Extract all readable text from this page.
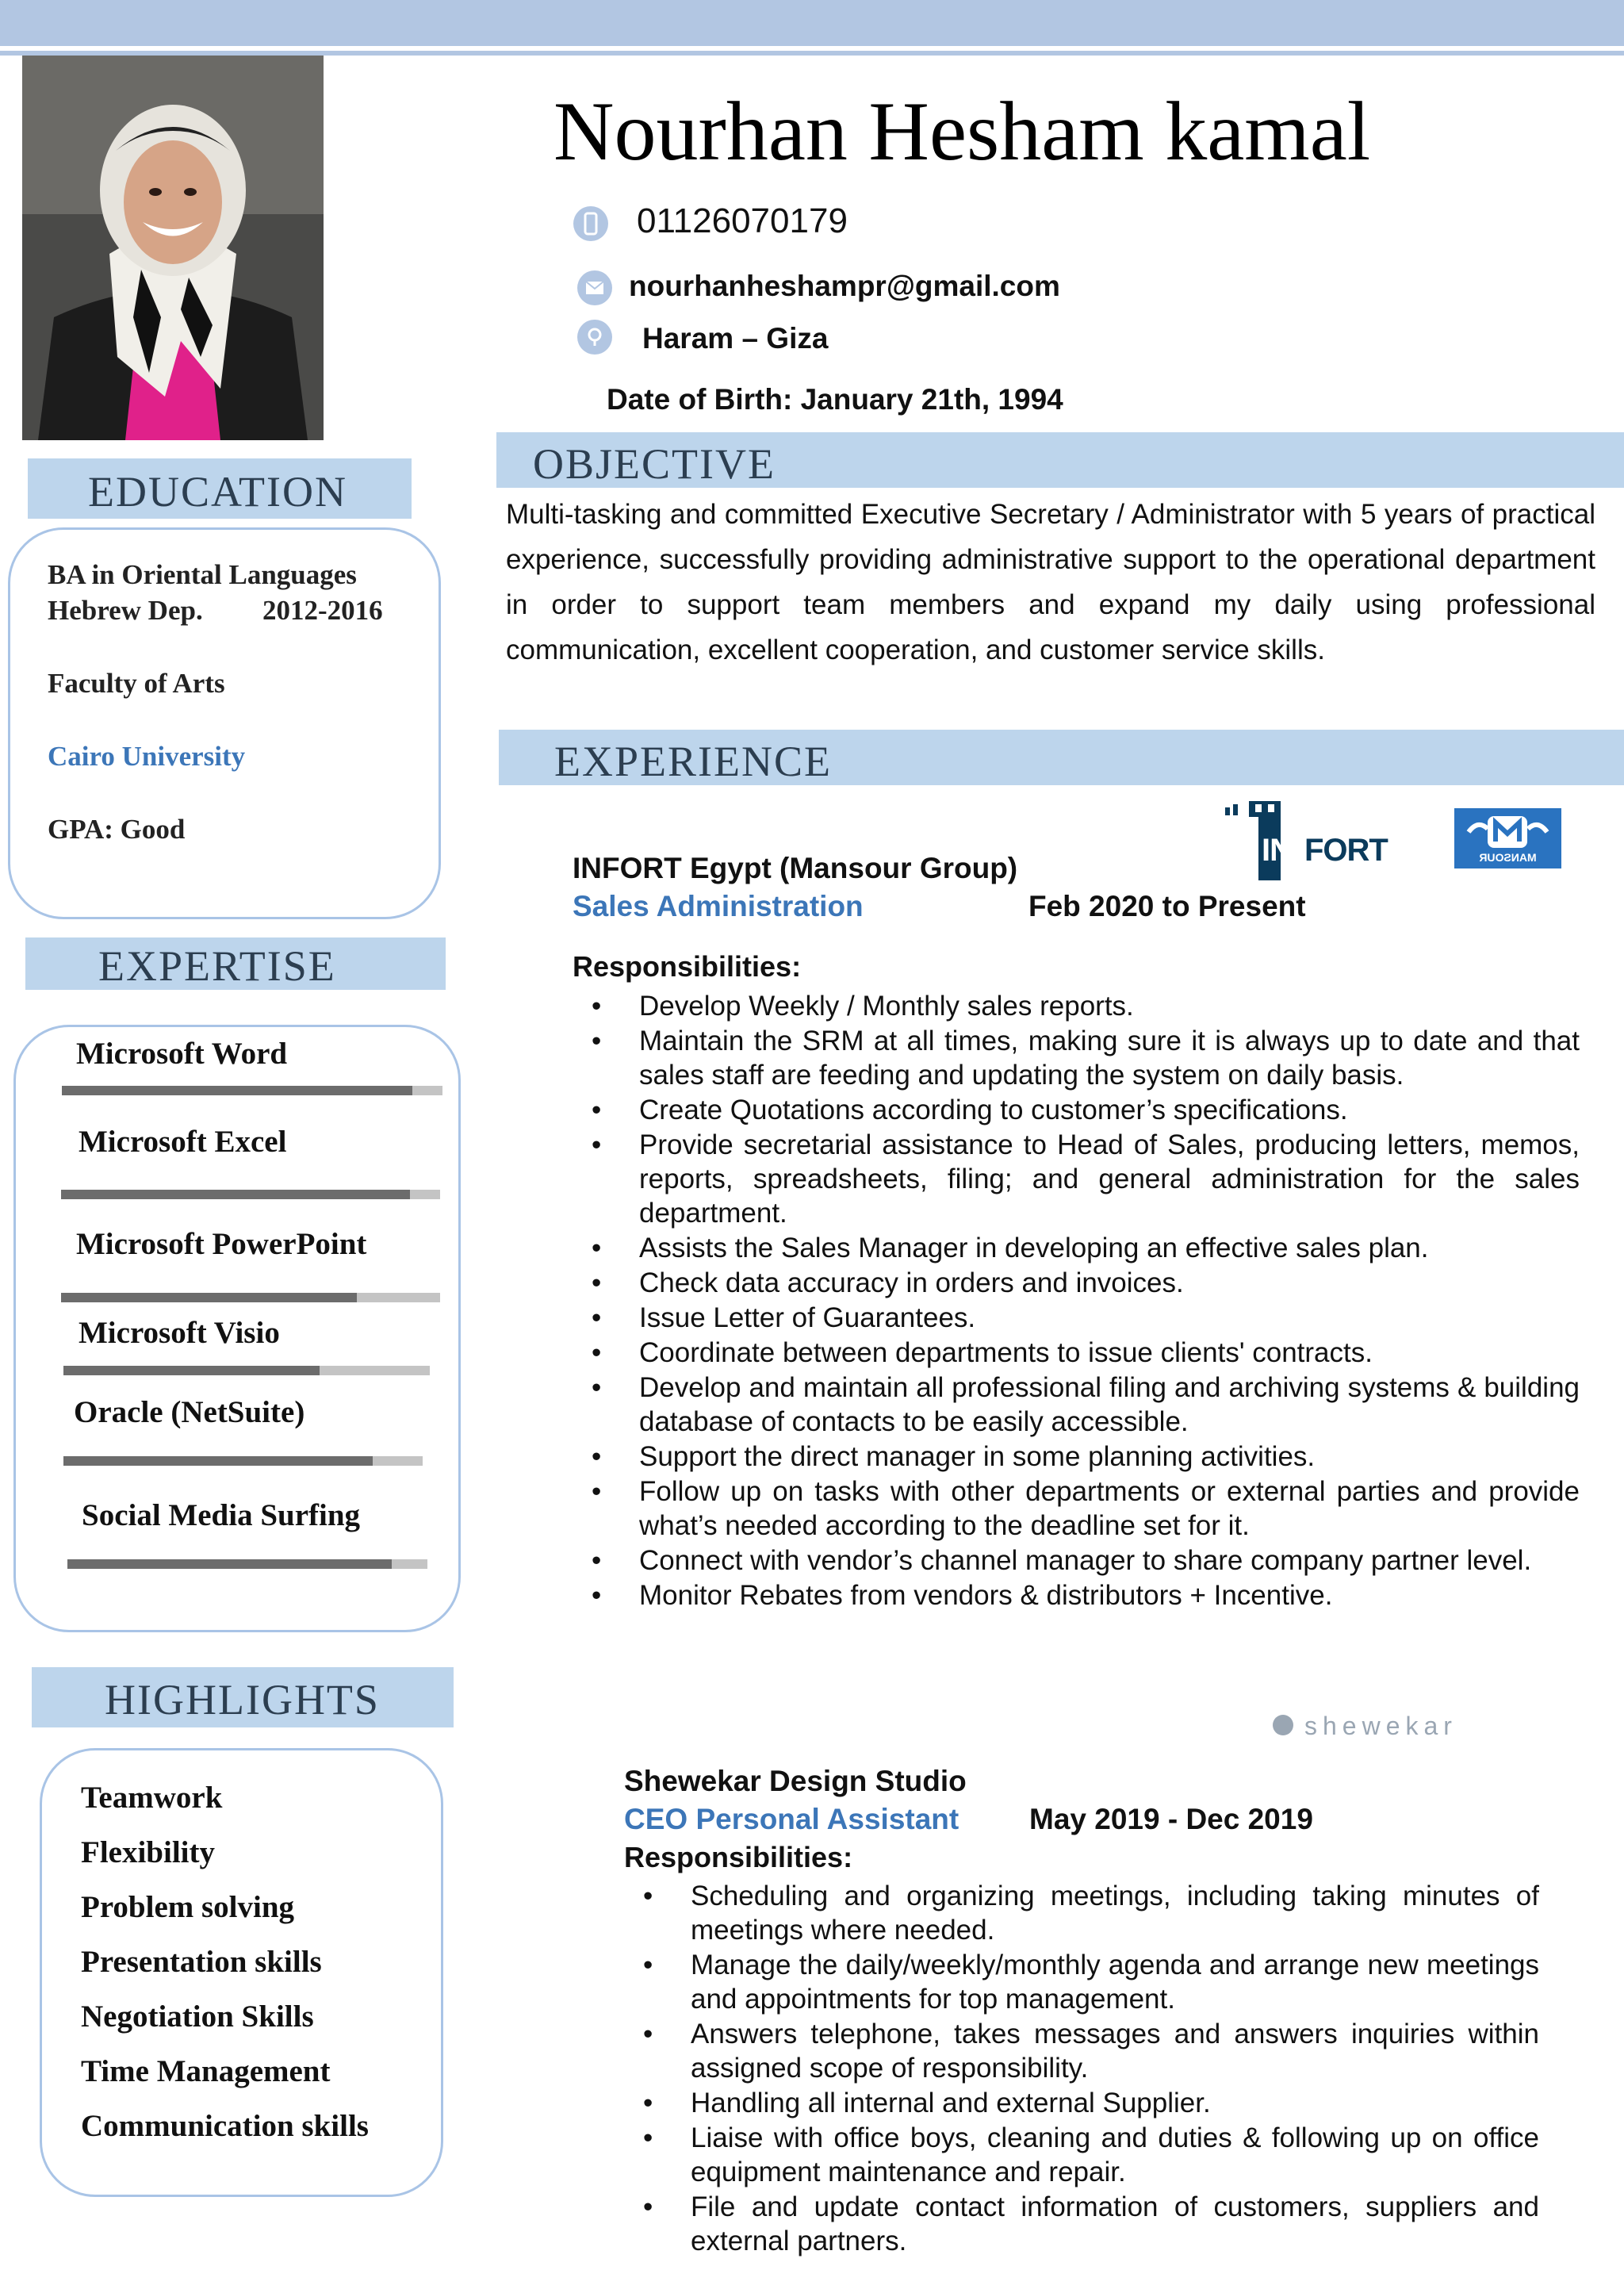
Nourhan Hesham kamal
01126070179
nourhanheshampr@gmail.com
Haram – Giza
Date of Birth: January 21th, 1994
EDUCATION
BA in Oriental Languages
Hebrew Dep. 2012-2016
Faculty of Arts
Cairo University
GPA: Good
EXPERTISE
Microsoft Word
Microsoft Excel
Microsoft PowerPoint
Microsoft Visio
Oracle (NetSuite)
Social Media Surfing
HIGHLIGHTS
Teamwork
Flexibility
Problem solving
Presentation skills
Negotiation Skills
Time Management
Communication skills
OBJECTIVE
Multi-tasking and committed Executive Secretary / Administrator with 5 years of practical experience, successfully providing administrative support to the operational department in order to support team members and expand my daily using professional communication, excellent cooperation, and customer service skills.
EXPERIENCE
IN FORT	MANSOUR
INFORT Egypt (Mansour Group)
Sales Administration	Feb 2020 to Present
Responsibilities:
• Develop Weekly / Monthly sales reports.
• Maintain the SRM at all times, making sure it is always up to date and that sales staff are feeding and updating the system on daily basis.
• Create Quotations according to customer’s specifications.
• Provide secretarial assistance to Head of Sales, producing letters, memos, reports, spreadsheets, filing; and general administration for the sales department.
• Assists the Sales Manager in developing an effective sales plan.
• Check data accuracy in orders and invoices.
• Issue Letter of Guarantees.
• Coordinate between departments to issue clients' contracts.
• Develop and maintain all professional filing and archiving systems & building database of contacts to be easily accessible.
• Support the direct manager in some planning activities.
• Follow up on tasks with other departments or external parties and provide what’s needed according to the deadline set for it.
• Connect with vendor’s channel manager to share company partner level.
• Monitor Rebates from vendors & distributors + Incentive.
shewekar
Shewekar Design Studio
CEO Personal Assistant May 2019 - Dec 2019
Responsibilities:
• Scheduling and organizing meetings, including taking minutes of meetings where needed.
• Manage the daily/weekly/monthly agenda and arrange new meetings and appointments for top management.
• Answers telephone, takes messages and answers inquiries within assigned scope of responsibility.
• Handling all internal and external Supplier.
• Liaise with office boys, cleaning and duties & following up on office equipment maintenance and repair.
• File and update contact information of customers, suppliers and external partners.
